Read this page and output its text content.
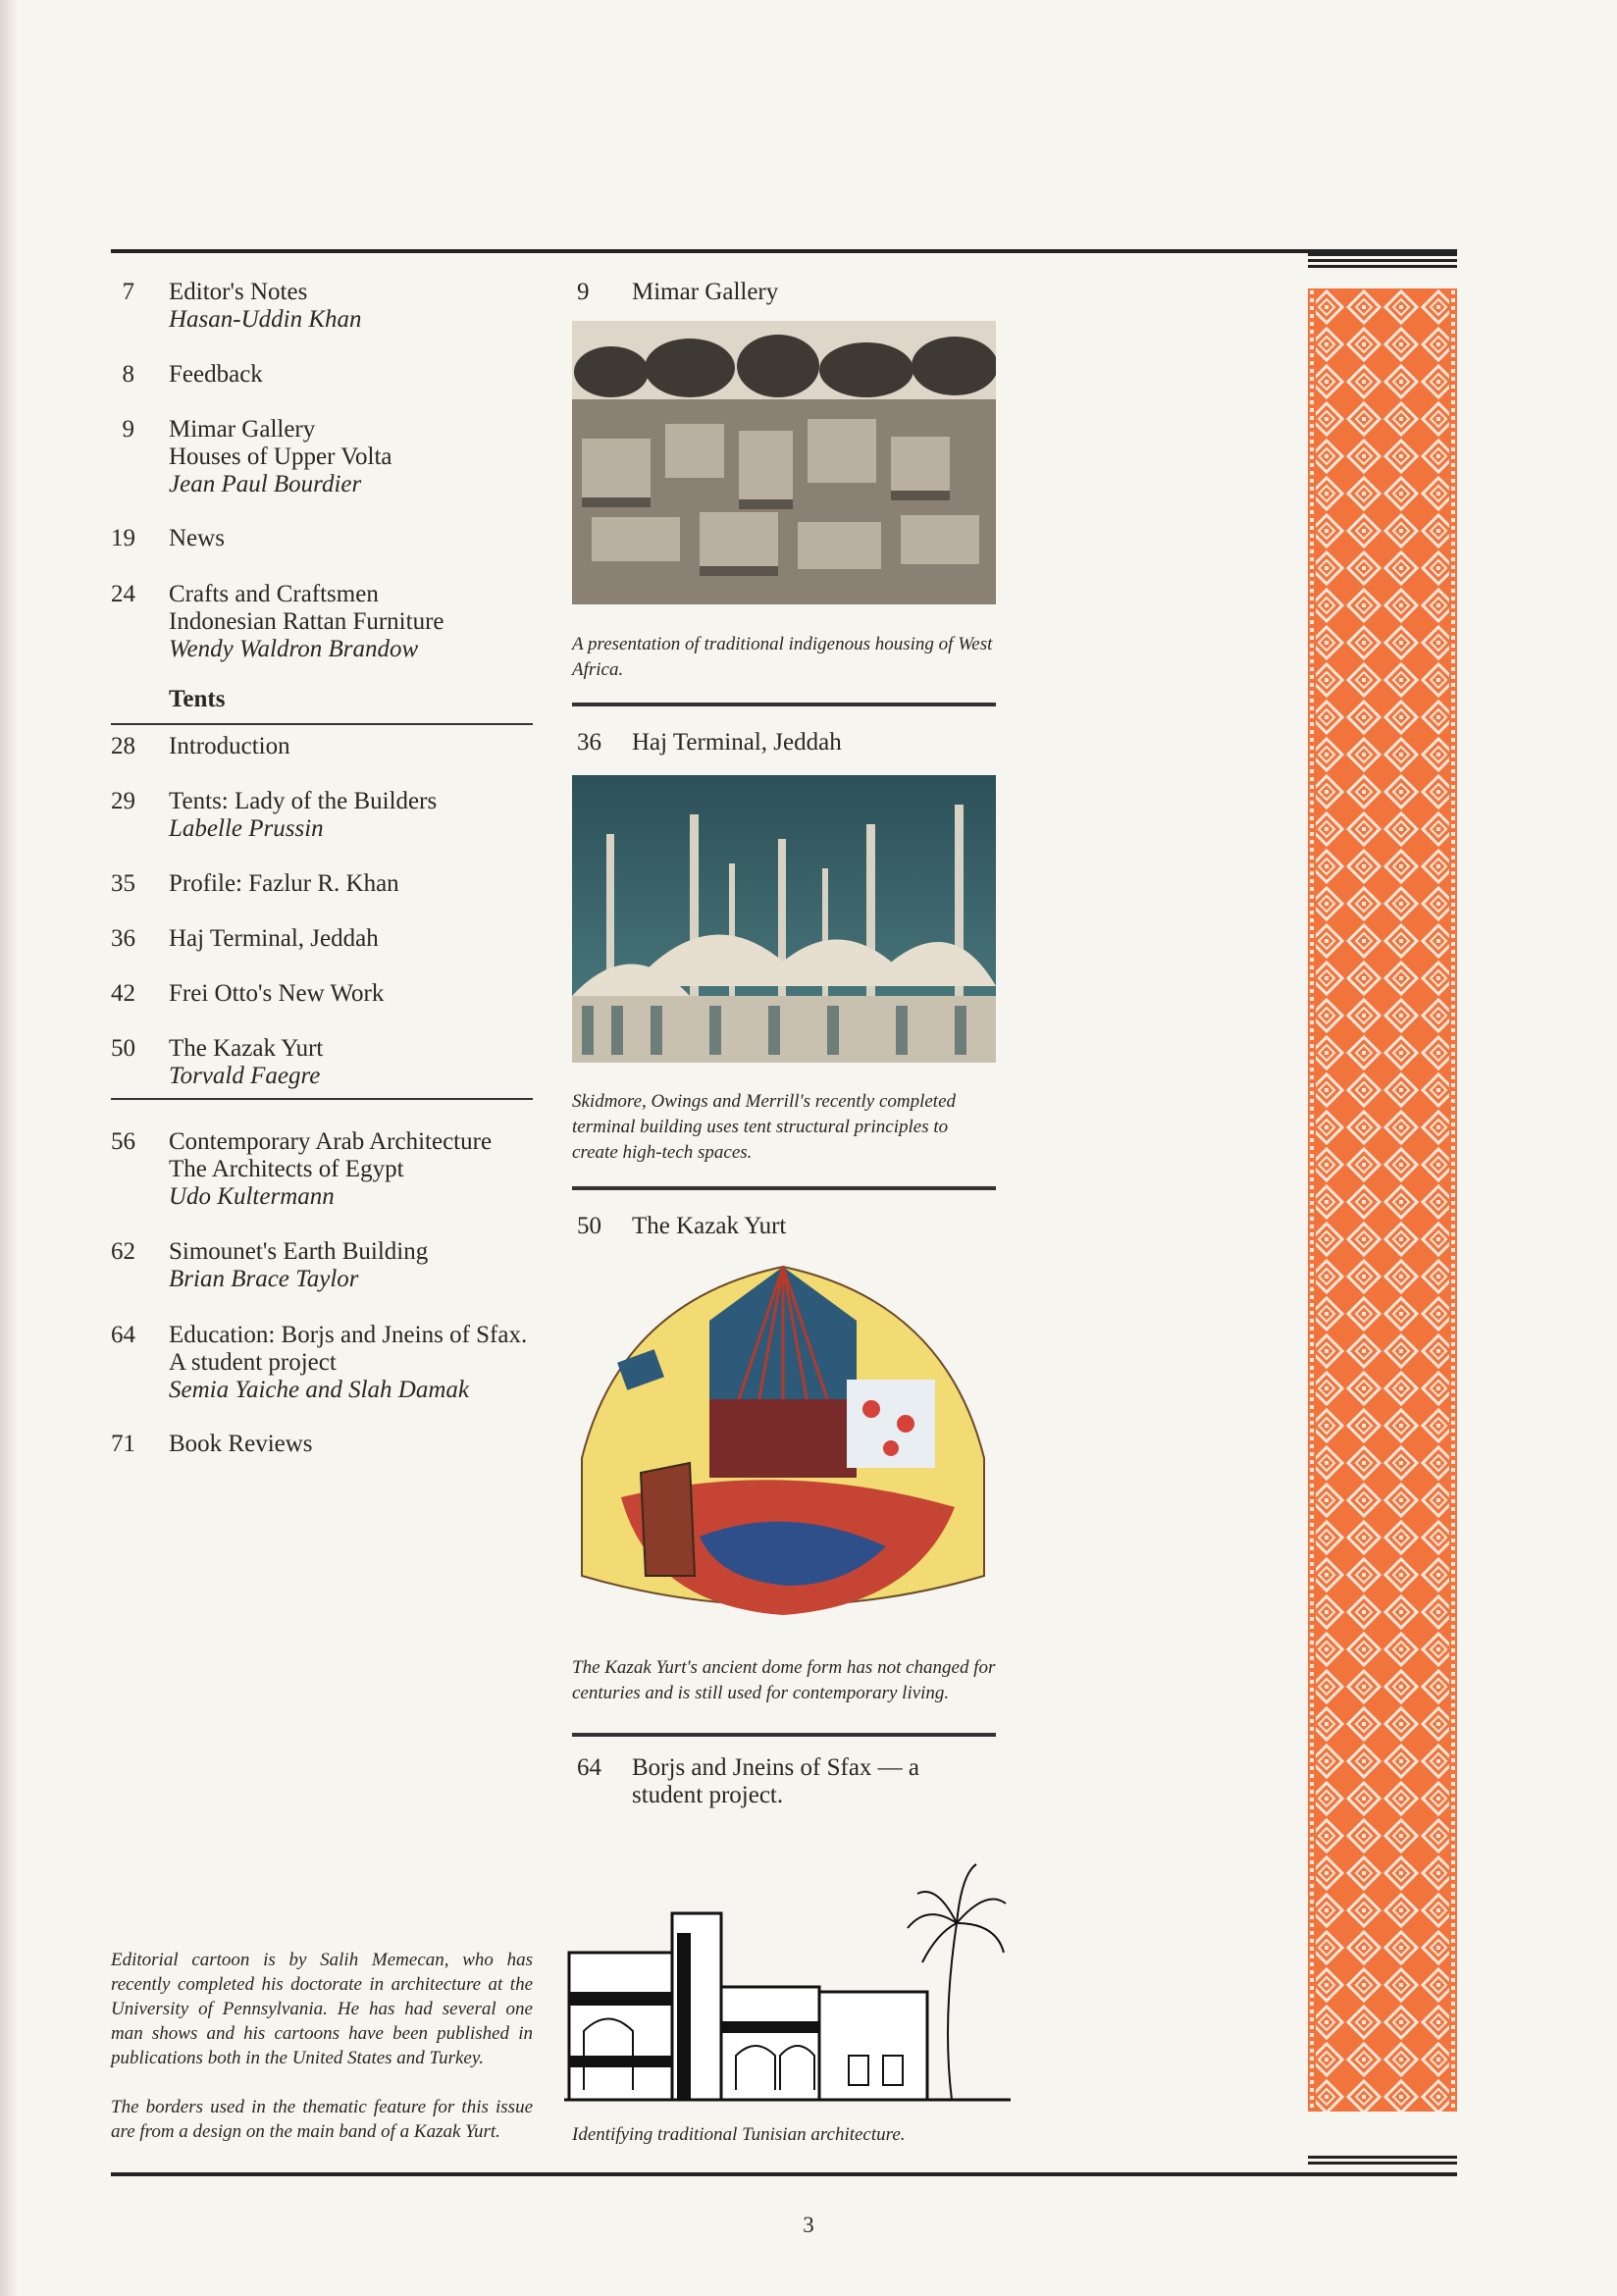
7 Editor's Notes
Hasan-Uddin Khan
8 Feedback
9 Mimar Gallery
Houses of Upper Volta
Jean Paul Bourdier
19 News
24 Crafts and Craftsmen
Indonesian Rattan Furniture
Wendy Waldron Brandow
Tents
28 Introduction
29 Tents: Lady of the Builders
Labelle Prussin
35 Profile: Fazlur R. Khan
36 Haj Terminal, Jeddah
42 Frei Otto's New Work
50 The Kazak Yurt
Torvald Faegre
56 Contemporary Arab Architecture
The Architects of Egypt
Udo Kultermann
62 Simounet's Earth Building
Brian Brace Taylor
64 Education: Borjs and Jneins of Sfax.
A student project
Semia Yaiche and Slah Damak
71 Book Reviews
Editorial cartoon is by Salih Memecan, who has recently completed his doctorate in architecture at the University of Pennsylvania. He has had several one man shows and his cartoons have been published in publications both in the United States and Turkey.
The borders used in the thematic feature for this issue are from a design on the main band of a Kazak Yurt.
9 Mimar Gallery
A presentation of traditional indigenous housing of West Africa.
36 Haj Terminal, Jeddah
Skidmore, Owings and Merrill's recently completed terminal building uses tent structural principles to create high-tech spaces.
50 The Kazak Yurt
The Kazak Yurt's ancient dome form has not changed for centuries and is still used for contemporary living.
64 Borjs and Jneins of Sfax — a student project.
Identifying traditional Tunisian architecture.
3
